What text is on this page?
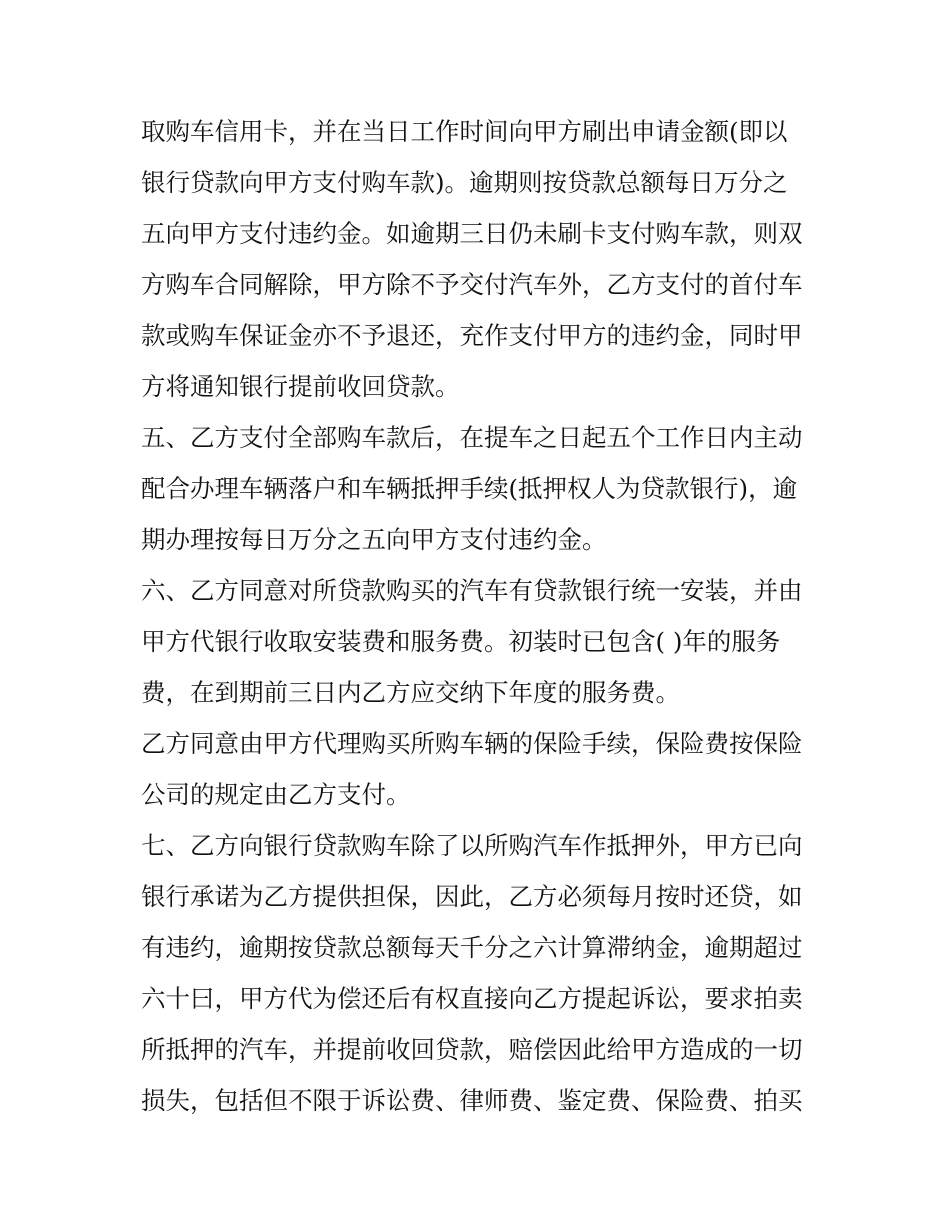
取购车信用卡，并在当日工作时间向甲方刷出申请金额(即以
银行贷款向甲方支付购车款)。逾期则按贷款总额每日万分之
五向甲方支付违约金。如逾期三日仍未刷卡支付购车款，则双
方购车合同解除，甲方除不予交付汽车外，乙方支付的首付车
款或购车保证金亦不予退还，充作支付甲方的违约金，同时甲
方将通知银行提前收回贷款。
五、乙方支付全部购车款后，在提车之日起五个工作日内主动
配合办理车辆落户和车辆抵押手续(抵押权人为贷款银行)，逾
期办理按每日万分之五向甲方支付违约金。
六、乙方同意对所贷款购买的汽车有贷款银行统一安装，并由
甲方代银行收取安装费和服务费。初装时已包含( )年的服务
费，在到期前三日内乙方应交纳下年度的服务费。
乙方同意由甲方代理购买所购车辆的保险手续，保险费按保险
公司的规定由乙方支付。
七、乙方向银行贷款购车除了以所购汽车作抵押外，甲方已向
银行承诺为乙方提供担保，因此，乙方必须每月按时还贷，如
有违约，逾期按贷款总额每天千分之六计算滞纳金，逾期超过
六十曰，甲方代为偿还后有权直接向乙方提起诉讼，要求拍卖
所抵押的汽车，并提前收回贷款，赔偿因此给甲方造成的一切
损失，包括但不限于诉讼费、律师费、鉴定费、保险费、拍买
